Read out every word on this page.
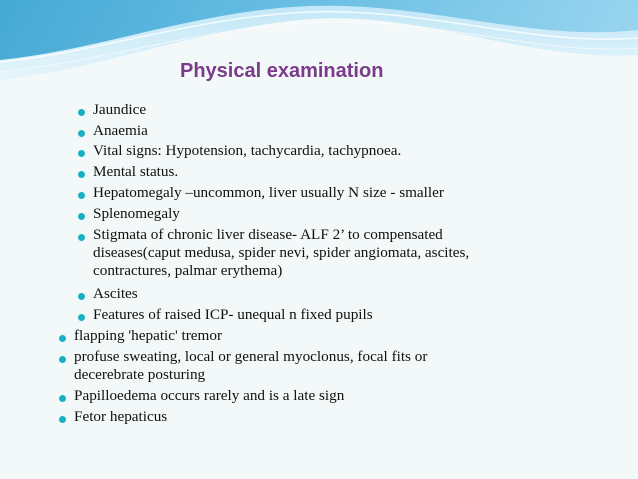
Physical examination
Jaundice
Anaemia
Vital signs: Hypotension, tachycardia, tachypnoea.
Mental status.
Hepatomegaly –uncommon, liver usually N size - smaller
Splenomegaly
Stigmata of chronic liver disease- ALF 2’ to compensated
diseases(caput medusa, spider nevi, spider angiomata, ascites,
contractures, palmar erythema)
Ascites
Features of raised ICP- unequal n fixed pupils
flapping 'hepatic' tremor
profuse sweating, local or general myoclonus, focal fits or
decerebrate posturing
Papilloedema occurs rarely and is a late sign
Fetor hepaticus
